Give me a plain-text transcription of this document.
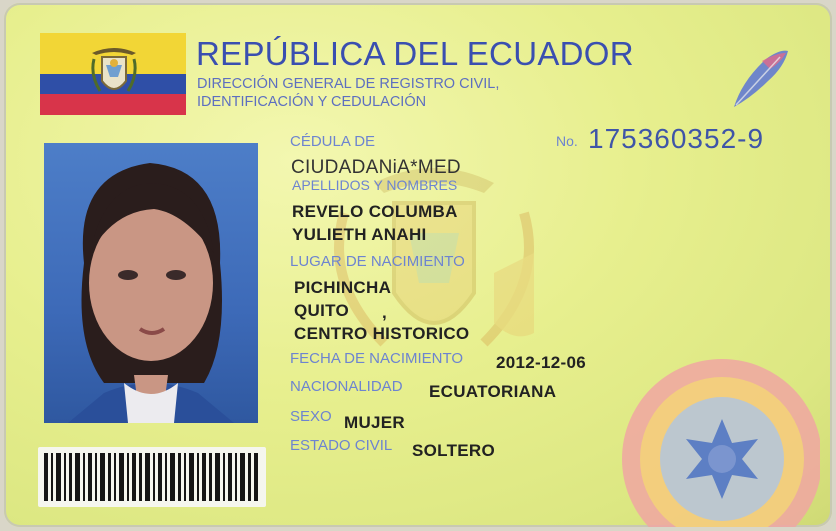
REPÚBLICA DEL ECUADOR
DIRECCIÓN GENERAL DE REGISTRO CIVIL,
IDENTIFICACIÓN Y CEDULACIÓN
CÉDULA DE
CIUDADANiA*MED
No. 175360352-9
APELLIDOS Y NOMBRES
REVELO COLUMBA
YULIETH ANAHI
LUGAR DE NACIMIENTO
PICHINCHA
QUITO ,
CENTRO HISTORICO
FECHA DE NACIMIENTO 2012-12-06
NACIONALIDAD ECUATORIANA
SEXO MUJER
ESTADO CIVIL SOLTERO
